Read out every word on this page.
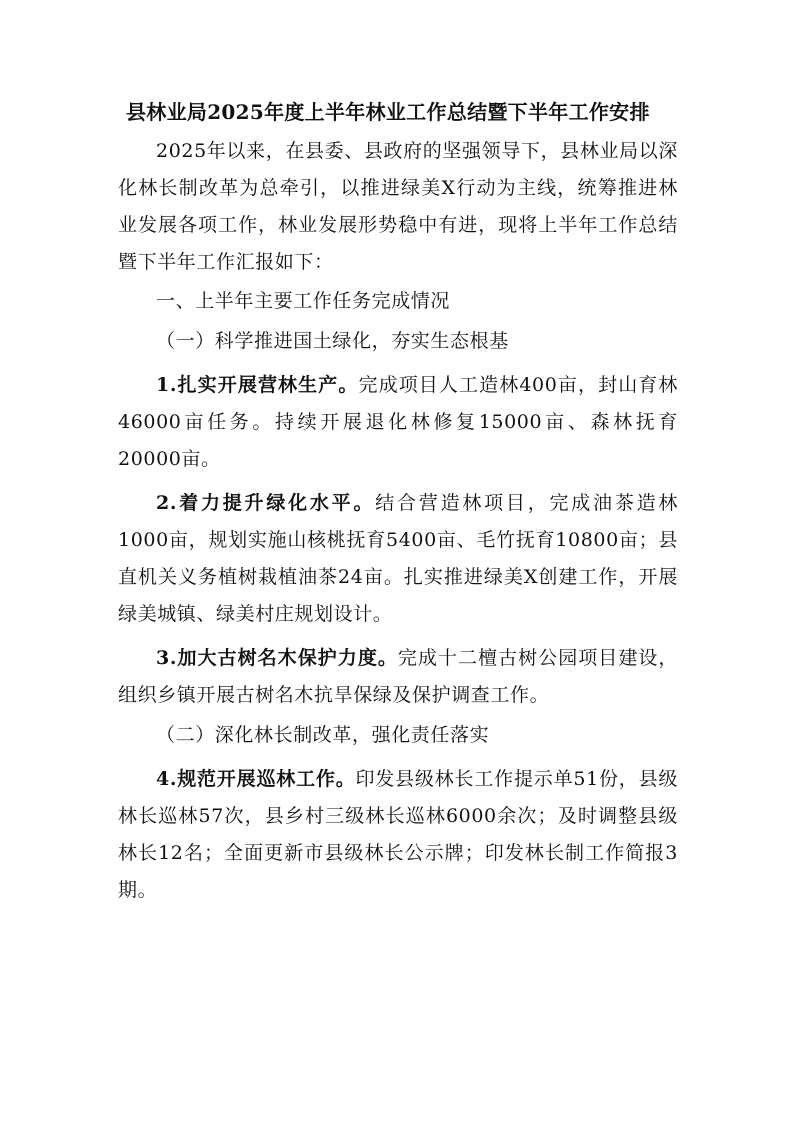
县林业局2025年度上半年林业工作总结暨下半年工作安排

2025年以来，在县委、县政府的坚强领导下，县林业局以深化林长制改革为总牵引，以推进绿美X行动为主线，统筹推进林业发展各项工作，林业发展形势稳中有进，现将上半年工作总结暨下半年工作汇报如下：

一、上半年主要工作任务完成情况

（一）科学推进国土绿化，夯实生态根基

1.扎实开展营林生产。完成项目人工造林400亩，封山育林46000亩任务。持续开展退化林修复15000亩、森林抚育20000亩。

2.着力提升绿化水平。结合营造林项目，完成油茶造林1000亩，规划实施山核桃抚育5400亩、毛竹抚育10800亩；县直机关义务植树栽植油茶24亩。扎实推进绿美X创建工作，开展绿美城镇、绿美村庄规划设计。

3.加大古树名木保护力度。完成十二檀古树公园项目建设，组织乡镇开展古树名木抗旱保绿及保护调查工作。

（二）深化林长制改革，强化责任落实

4.规范开展巡林工作。印发县级林长工作提示单51份，县级林长巡林57次，县乡村三级林长巡林6000余次；及时调整县级林长12名；全面更新市县级林长公示牌；印发林长制工作简报3期。
